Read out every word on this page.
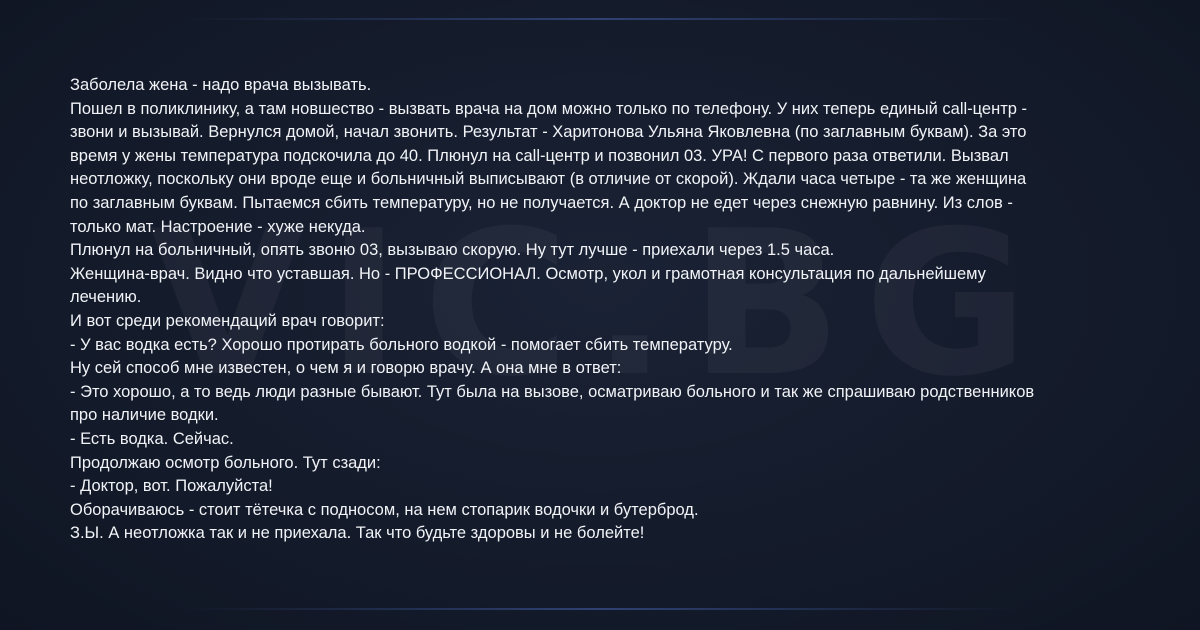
Заболела жена - надо врача вызывать.
Пошел в поликлинику, а там новшество - вызвать врача на дом можно только по телефону. У них теперь единый call-центр -
звони и вызывай. Вернулся домой, начал звонить. Результат - Харитонова Ульяна Яковлевна (по заглавным буквам). За это
время у жены температура подскочила до 40. Плюнул на call-центр и позвонил 03. УРА! С первого раза ответили. Вызвал
неотложку, поскольку они вроде еще и больничный выписывают (в отличие от скорой). Ждали часа четыре - та же женщина
по заглавным буквам. Пытаемся сбить температуру, но не получается. А доктор не едет через снежную равнину. Из слов -
только мат. Настроение - хуже некуда.
Плюнул на больничный, опять звоню 03, вызываю скорую. Ну тут лучше - приехали через 1.5 часа.
Женщина-врач. Видно что уставшая. Но - ПРОФЕССИОНАЛ. Осмотр, укол и грамотная консультация по дальнейшему
лечению.
И вот среди рекомендаций врач говорит:
- У вас водка есть? Хорошо протирать больного водкой - помогает сбить температуру.
Ну сей способ мне известен, о чем я и говорю врачу. А она мне в ответ:
- Это хорошо, а то ведь люди разные бывают. Тут была на вызове, осматриваю больного и так же спрашиваю родственников
про наличие водки.
- Есть водка. Сейчас.
Продолжаю осмотр больного. Тут сзади:
- Доктор, вот. Пожалуйста!
Оборачиваюсь - стоит тётечка с подносом, на нем стопарик водочки и бутерброд.
З.Ы. А неотложка так и не приехала. Так что будьте здоровы и не болейте!
